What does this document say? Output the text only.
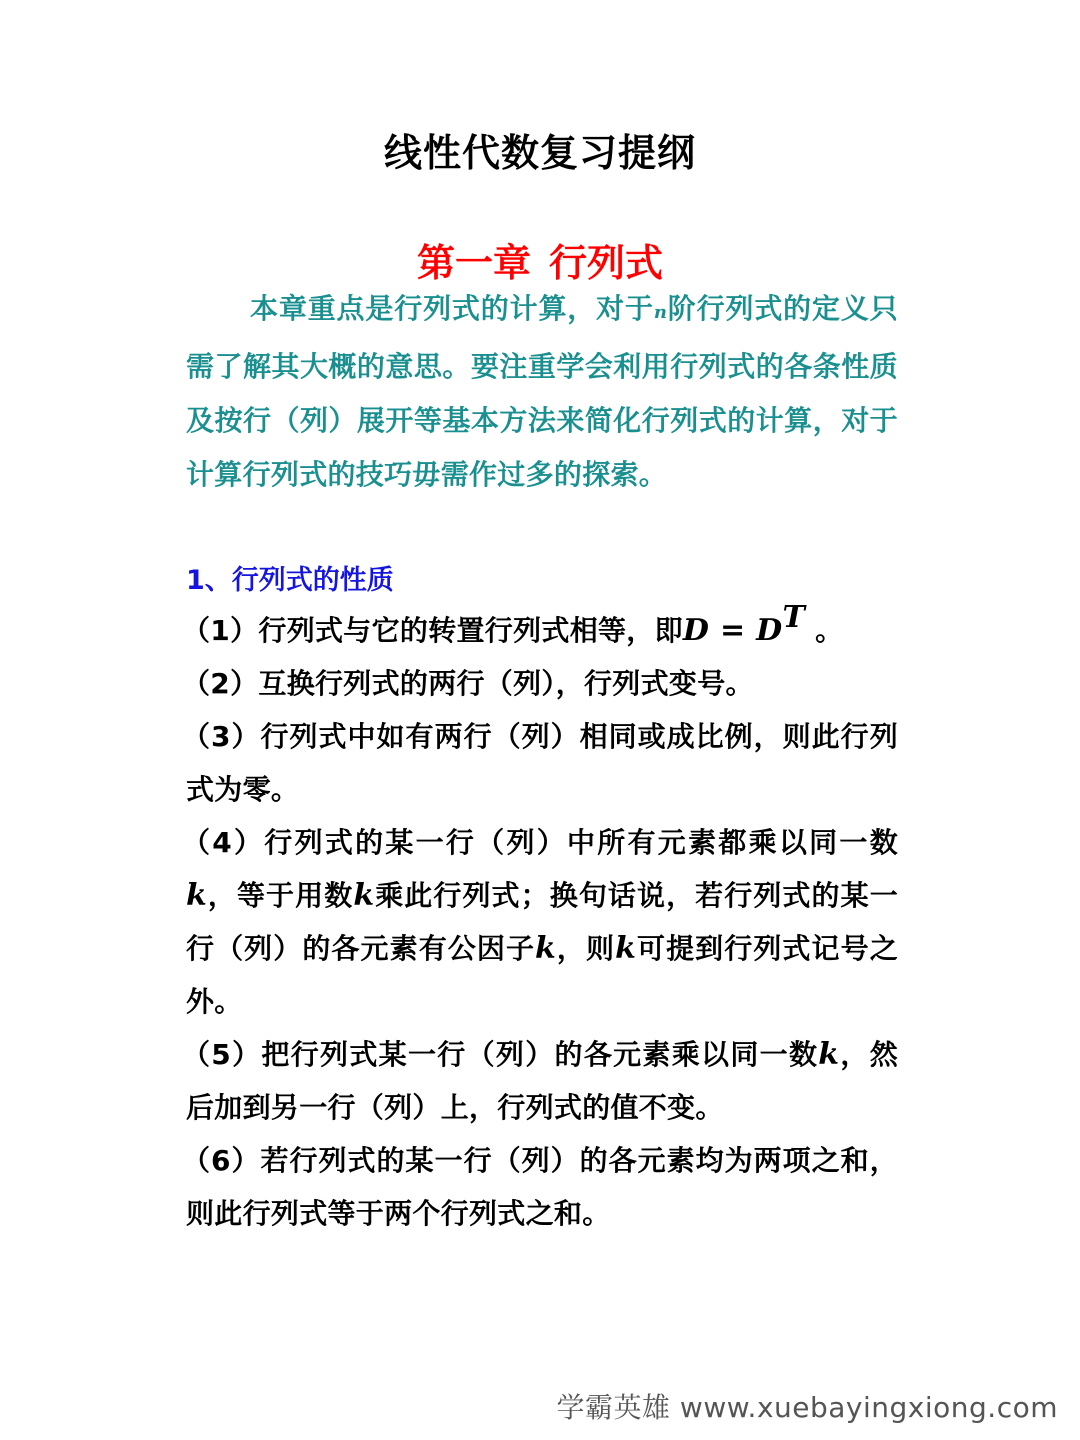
线性代数复习提纲
第一章 行列式

本章重点是行列式的计算，对于n阶行列式的定义只需了解其大概的意思。要注重学会利用行列式的各条性质及按行（列）展开等基本方法来简化行列式的计算，对于计算行列式的技巧毋需作过多的探索。

1、行列式的性质

（1）行列式与它的转置行列式相等，即$D = D^T$ 。

（2）互换行列式的两行（列），行列式变号。

（3）行列式中如有两行（列）相同或成比例，则此行列式为零。

（4）行列式的某一行（列）中所有元素都乘以同一数k，等于用数k乘此行列式；换句话说，若行列式的某一行（列）的各元素有公因子k，则k可提到行列式记号之外。

（5）把行列式某一行（列）的各元素乘以同一数k，然后加到另一行（列）上，行列式的值不变。

（6）若行列式的某一行（列）的各元素均为两项之和，则此行列式等于两个行列式之和。

学霸英雄 www.xuebayingxiong.com
